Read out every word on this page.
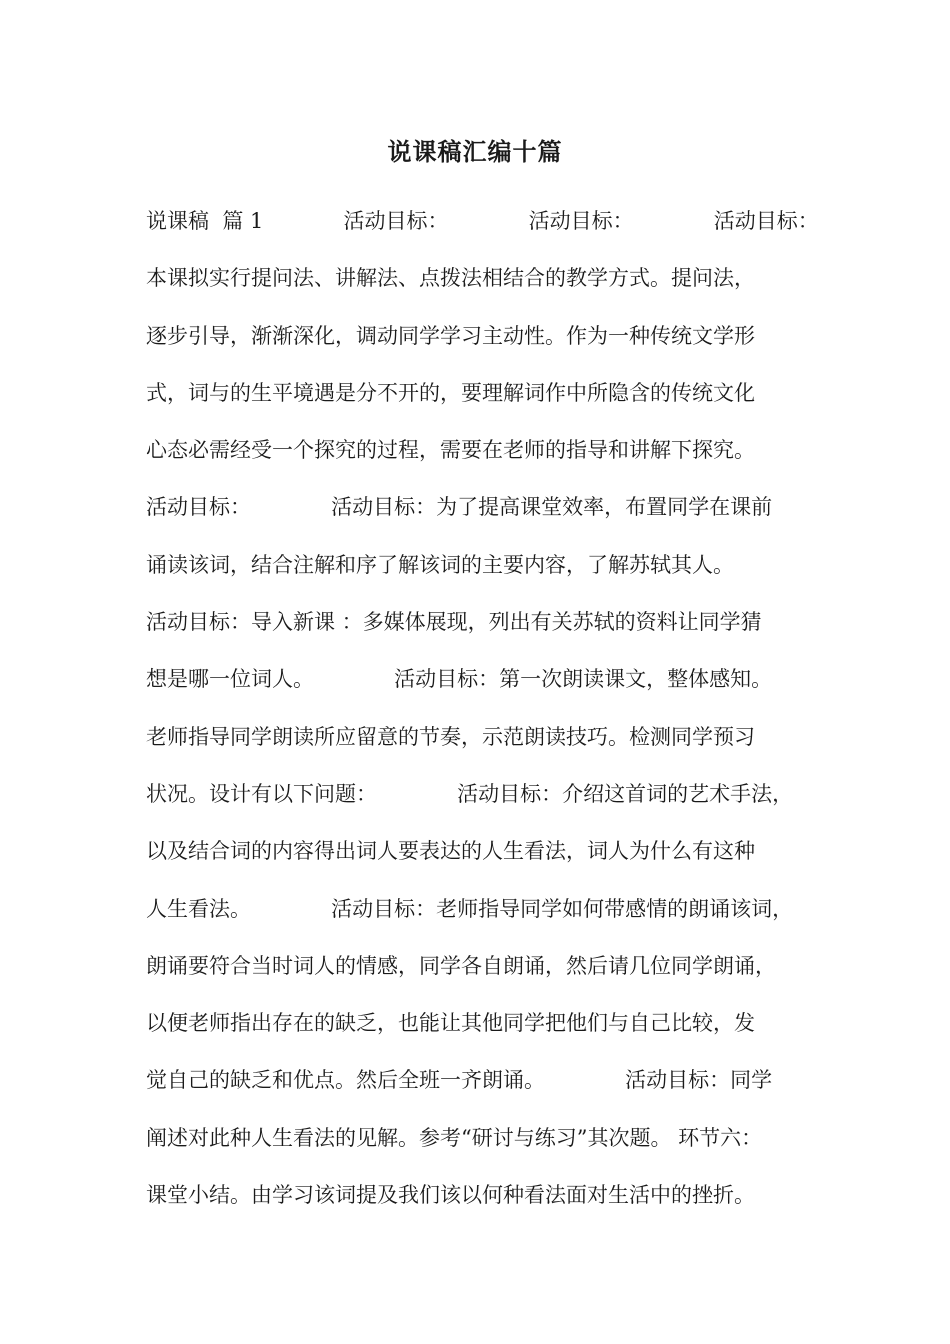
说课稿汇编十篇
说课稿  篇 1            活动目标：            活动目标：            活动目标：
本课拟实行提问法、讲解法、点拨法相结合的教学方式。提问法，
逐步引导，渐渐深化，调动同学学习主动性。作为一种传统文学形
式，词与的生平境遇是分不开的，要理解词作中所隐含的传统文化
心态必需经受一个探究的过程，需要在老师的指导和讲解下探究。
活动目标：            活动目标：为了提高课堂效率，布置同学在课前
诵读该词，结合注解和序了解该词的主要内容，了解苏轼其人。
活动目标：导入新课 ：多媒体展现，列出有关苏轼的资料让同学猜
想是哪一位词人。            活动目标：第一次朗读课文，整体感知。
老师指导同学朗读所应留意的节奏，示范朗读技巧。检测同学预习
状况。设计有以下问题：            活动目标：介绍这首词的艺术手法，
以及结合词的内容得出词人要表达的人生看法，词人为什么有这种
人生看法。            活动目标：老师指导同学如何带感情的朗诵该词，
朗诵要符合当时词人的情感，同学各自朗诵，然后请几位同学朗诵，
以便老师指出存在的缺乏，也能让其他同学把他们与自己比较，发
觉自己的缺乏和优点。然后全班一齐朗诵。            活动目标：同学
阐述对此种人生看法的见解。参考“研讨与练习”其次题。 环节六：
课堂小结。由学习该词提及我们该以何种看法面对生活中的挫折。
